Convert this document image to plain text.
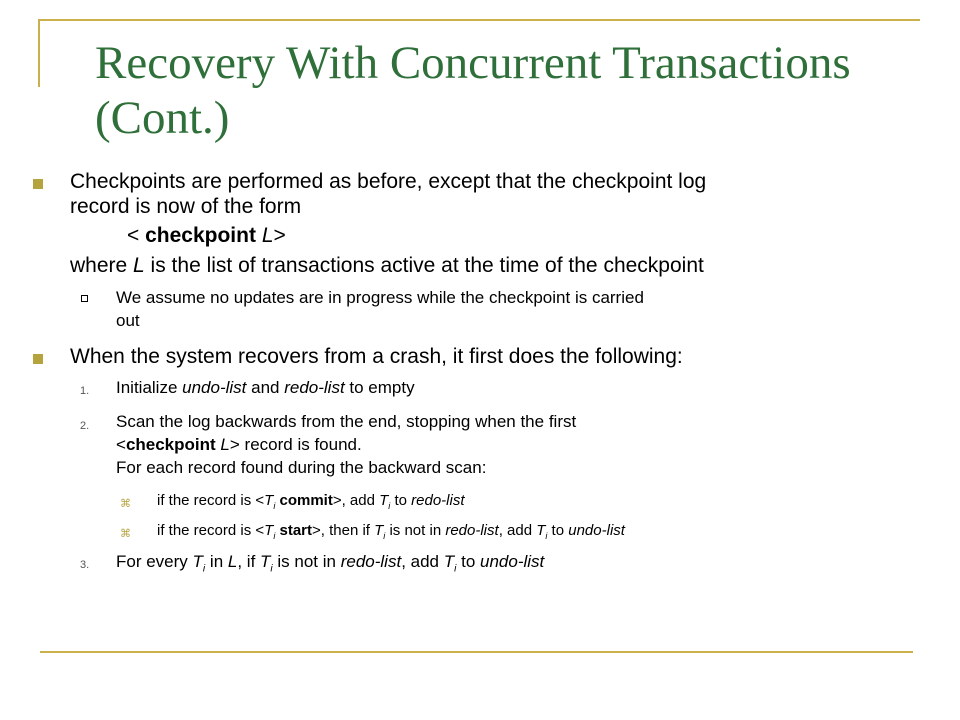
Recovery With Concurrent Transactions
(Cont.)
Checkpoints are performed as before, except that the checkpoint log
record is now of the form
< checkpoint L>
where L is the list of transactions active at the time of the checkpoint
We assume no updates are in progress while the checkpoint is carried
out
When the system recovers from a crash, it first does the following:
1. Initialize undo-list and redo-list to empty
2. Scan the log backwards from the end, stopping when the first
<checkpoint L> record is found.
For each record found during the backward scan:
⌘ if the record is $<T_i$ commit>, add $T_i$ to redo-list
⌘ if the record is $<T_i$ start>, then if $T_i$ is not in redo-list, add $T_i$ to undo-list
3. For every $T_i$ in L, if $T_i$ is not in redo-list, add $T_i$ to undo-list
